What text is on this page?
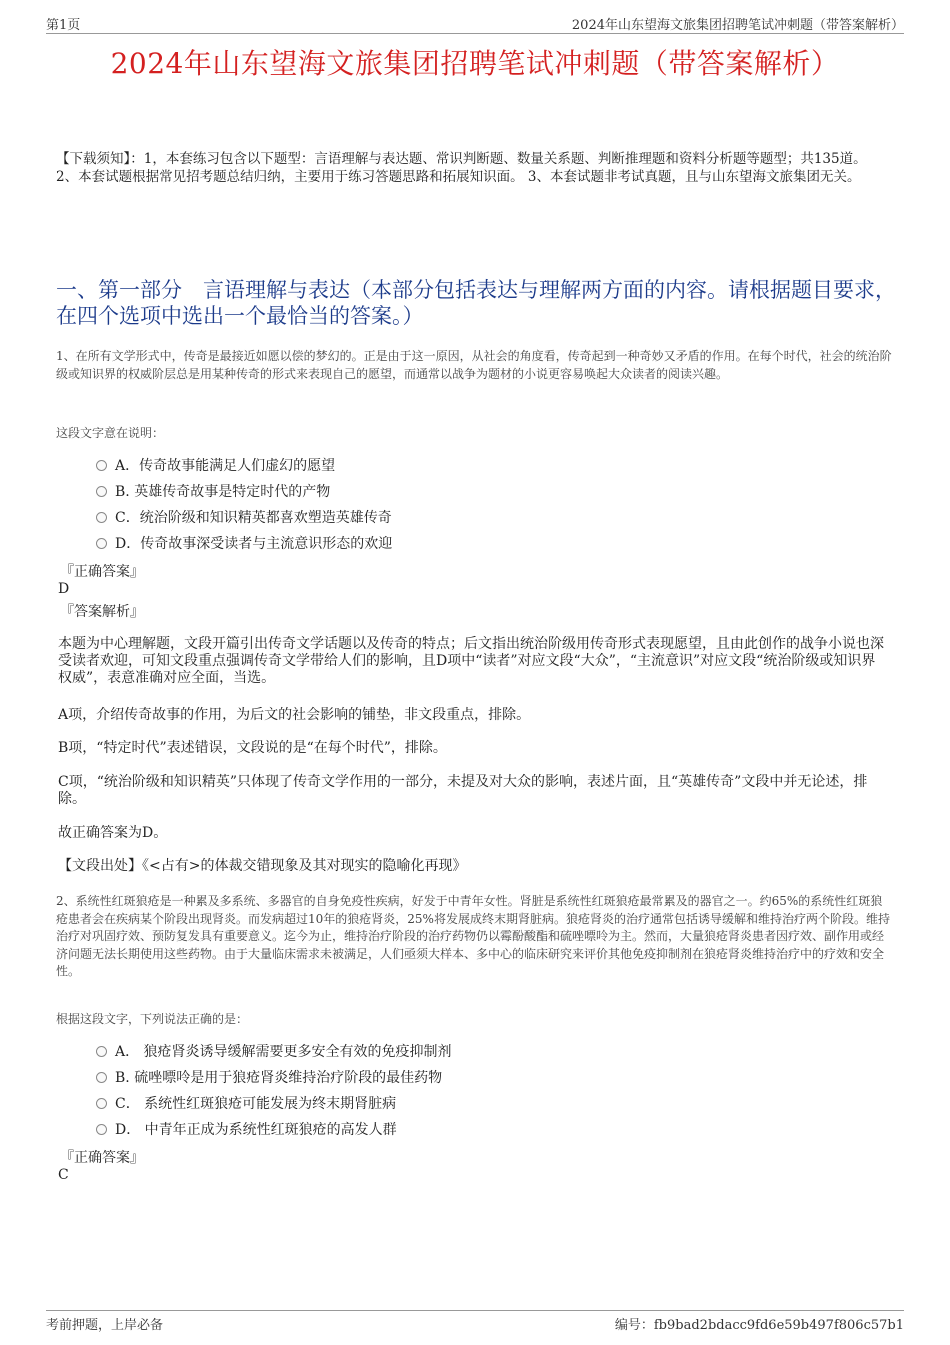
第1页	2024年山东望海文旅集团招聘笔试冲刺题（带答案解析）
2024年山东望海文旅集团招聘笔试冲刺题（带答案解析）
【下载须知】：1，本套练习包含以下题型：言语理解与表达题、常识判断题、数量关系题、判断推理题和资料分析题等题型；共135道。 2、本套试题根据常见招考题总结归纳，主要用于练习答题思路和拓展知识面。 3、本套试题非考试真题，且与山东望海文旅集团无关。
一、第一部分　言语理解与表达（本部分包括表达与理解两方面的内容。请根据题目要求，在四个选项中选出一个最恰当的答案。）
1、在所有文学形式中，传奇是最接近如愿以偿的梦幻的。正是由于这一原因，从社会的角度看，传奇起到一种奇妙又矛盾的作用。在每个时代，社会的统治阶级或知识界的权威阶层总是用某种传奇的形式来表现自己的愿望，而通常以战争为题材的小说更容易唤起大众读者的阅读兴趣。
这段文字意在说明：
A．传奇故事能满足人们虚幻的愿望
B. 英雄传奇故事是特定时代的产物
C．统治阶级和知识精英都喜欢塑造英雄传奇
D．传奇故事深受读者与主流意识形态的欢迎
『正确答案』
D
『答案解析』
本题为中心理解题，文段开篇引出传奇文学话题以及传奇的特点；后文指出统治阶级用传奇形式表现愿望，且由此创作的战争小说也深受读者欢迎，可知文段重点强调传奇文学带给人们的影响，且D项中“读者”对应文段“大众”，“主流意识”对应文段“统治阶级或知识界权威”，表意准确对应全面，当选。
A项，介绍传奇故事的作用，为后文的社会影响的铺垫，非文段重点，排除。
B项，“特定时代”表述错误，文段说的是“在每个时代”，排除。
C项，“统治阶级和知识精英”只体现了传奇文学作用的一部分，未提及对大众的影响，表述片面，且“英雄传奇”文段中并无论述，排除。
故正确答案为D。
【文段出处】《<占有>的体裁交错现象及其对现实的隐喻化再现》
2、系统性红斑狼疮是一种累及多系统、多器官的自身免疫性疾病，好发于中青年女性。肾脏是系统性红斑狼疮最常累及的器官之一。约65%的系统性红斑狼疮患者会在疾病某个阶段出现肾炎。而发病超过10年的狼疮肾炎，25%将发展成终末期肾脏病。狼疮肾炎的治疗通常包括诱导缓解和维持治疗两个阶段。维持治疗对巩固疗效、预防复发具有重要意义。迄今为止，维持治疗阶段的治疗药物仍以霉酚酸酯和硫唑嘌呤为主。然而，大量狼疮肾炎患者因疗效、副作用或经济问题无法长期使用这些药物。由于大量临床需求未被满足，人们亟须大样本、多中心的临床研究来评价其他免疫抑制剂在狼疮肾炎维持治疗中的疗效和安全性。
根据这段文字，下列说法正确的是：
A． 狼疮肾炎诱导缓解需要更多安全有效的免疫抑制剂
B. 硫唑嘌呤是用于狼疮肾炎维持治疗阶段的最佳药物
C． 系统性红斑狼疮可能发展为终末期肾脏病
D． 中青年正成为系统性红斑狼疮的高发人群
『正确答案』
C
考前押题，上岸必备	编号：fb9bad2bdacc9fd6e59b497f806c57b1
